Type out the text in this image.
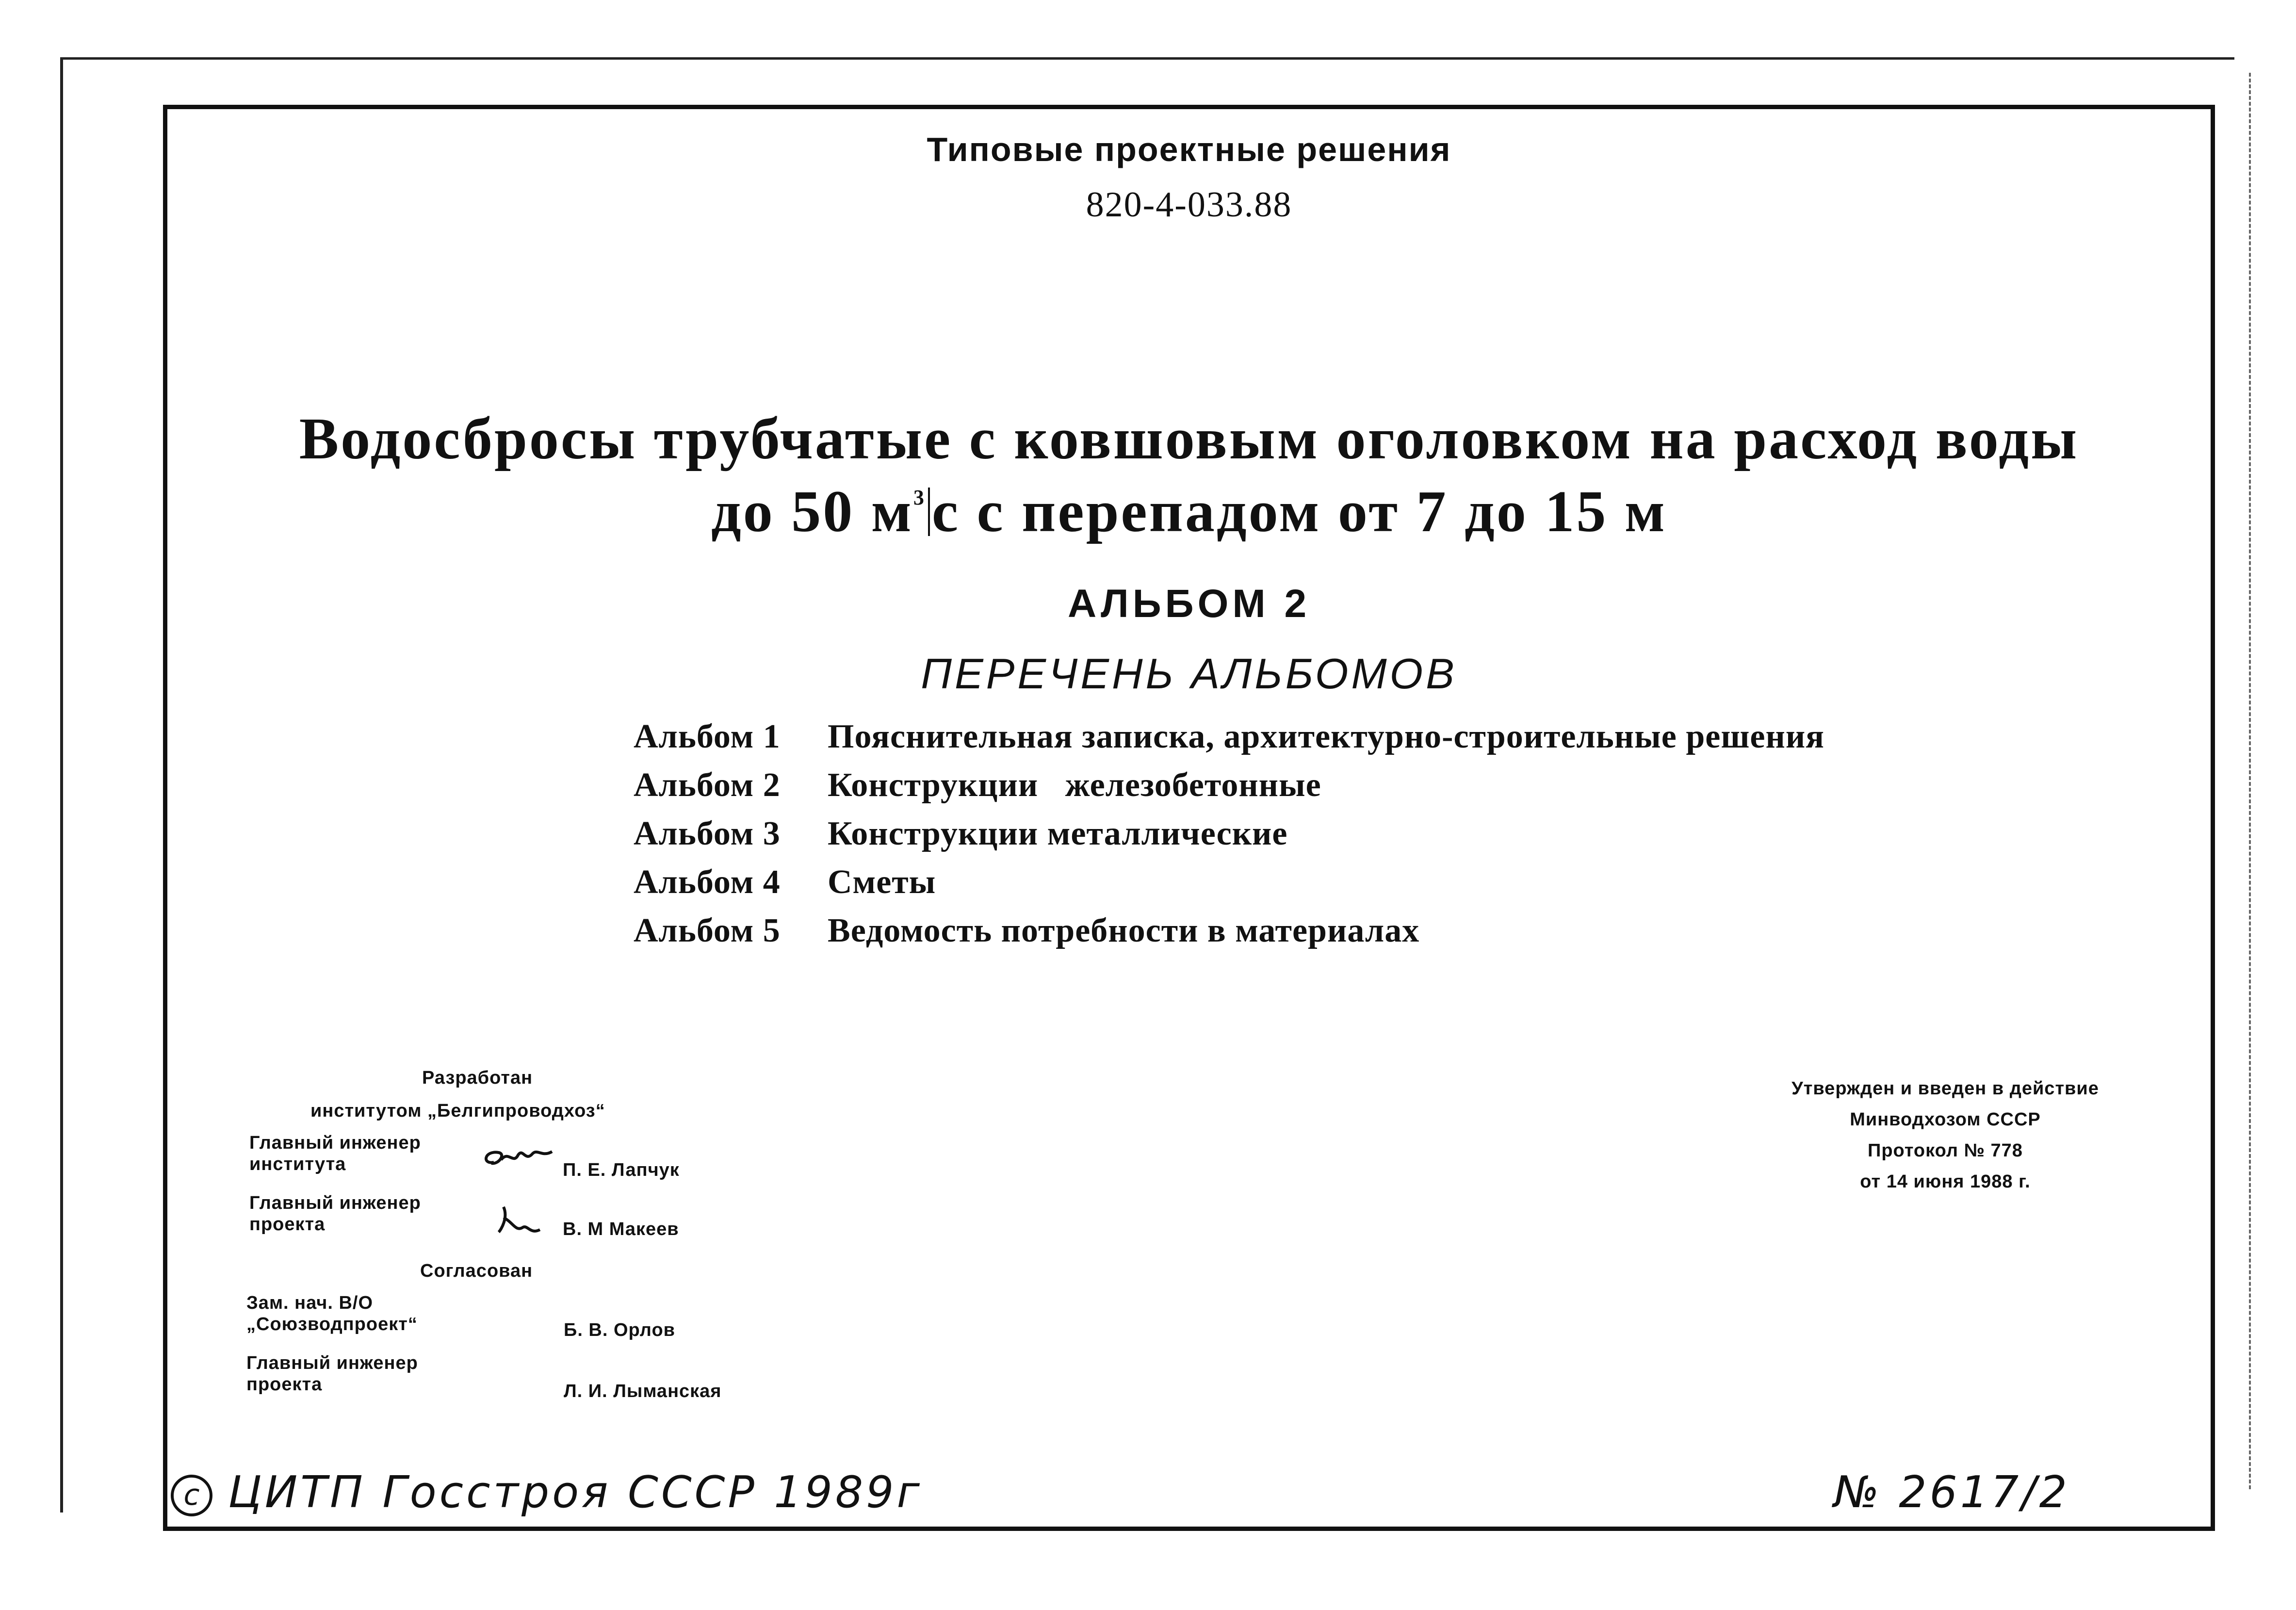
Типовые проектные решения
820-4-033.88
Водосбросы трубчатые с ковшовым оголовком на расход воды
до 50 $м^3с$ с перепадом от 7 до 15 м
АЛЬБОМ 2
ПЕРЕЧЕНЬ АЛЬБОМОВ
Альбом 1	Пояснительная записка, архитектурно-строительные решения
Альбом 2	Конструкции   железобетонные
Альбом 3	Конструкции металлические
Альбом 4	Сметы
Альбом 5	Ведомость потребности в материалах
Разработан
институтом „Белгипроводхоз“
Главный инженер института	П. Е. Лапчук
Главный инженер проекта	В. М Макеев
Согласован
Зам. нач. В/О „Союзводпроект“	Б. В. Орлов
Главный инженер проекта	Л. И. Лыманская
Утвержден и введен в действие
Минводхозом СССР
Протокол № 778
от 14 июня 1988 г.
c ЦИТП Госстроя СССР 1989г	№ 2617/2
